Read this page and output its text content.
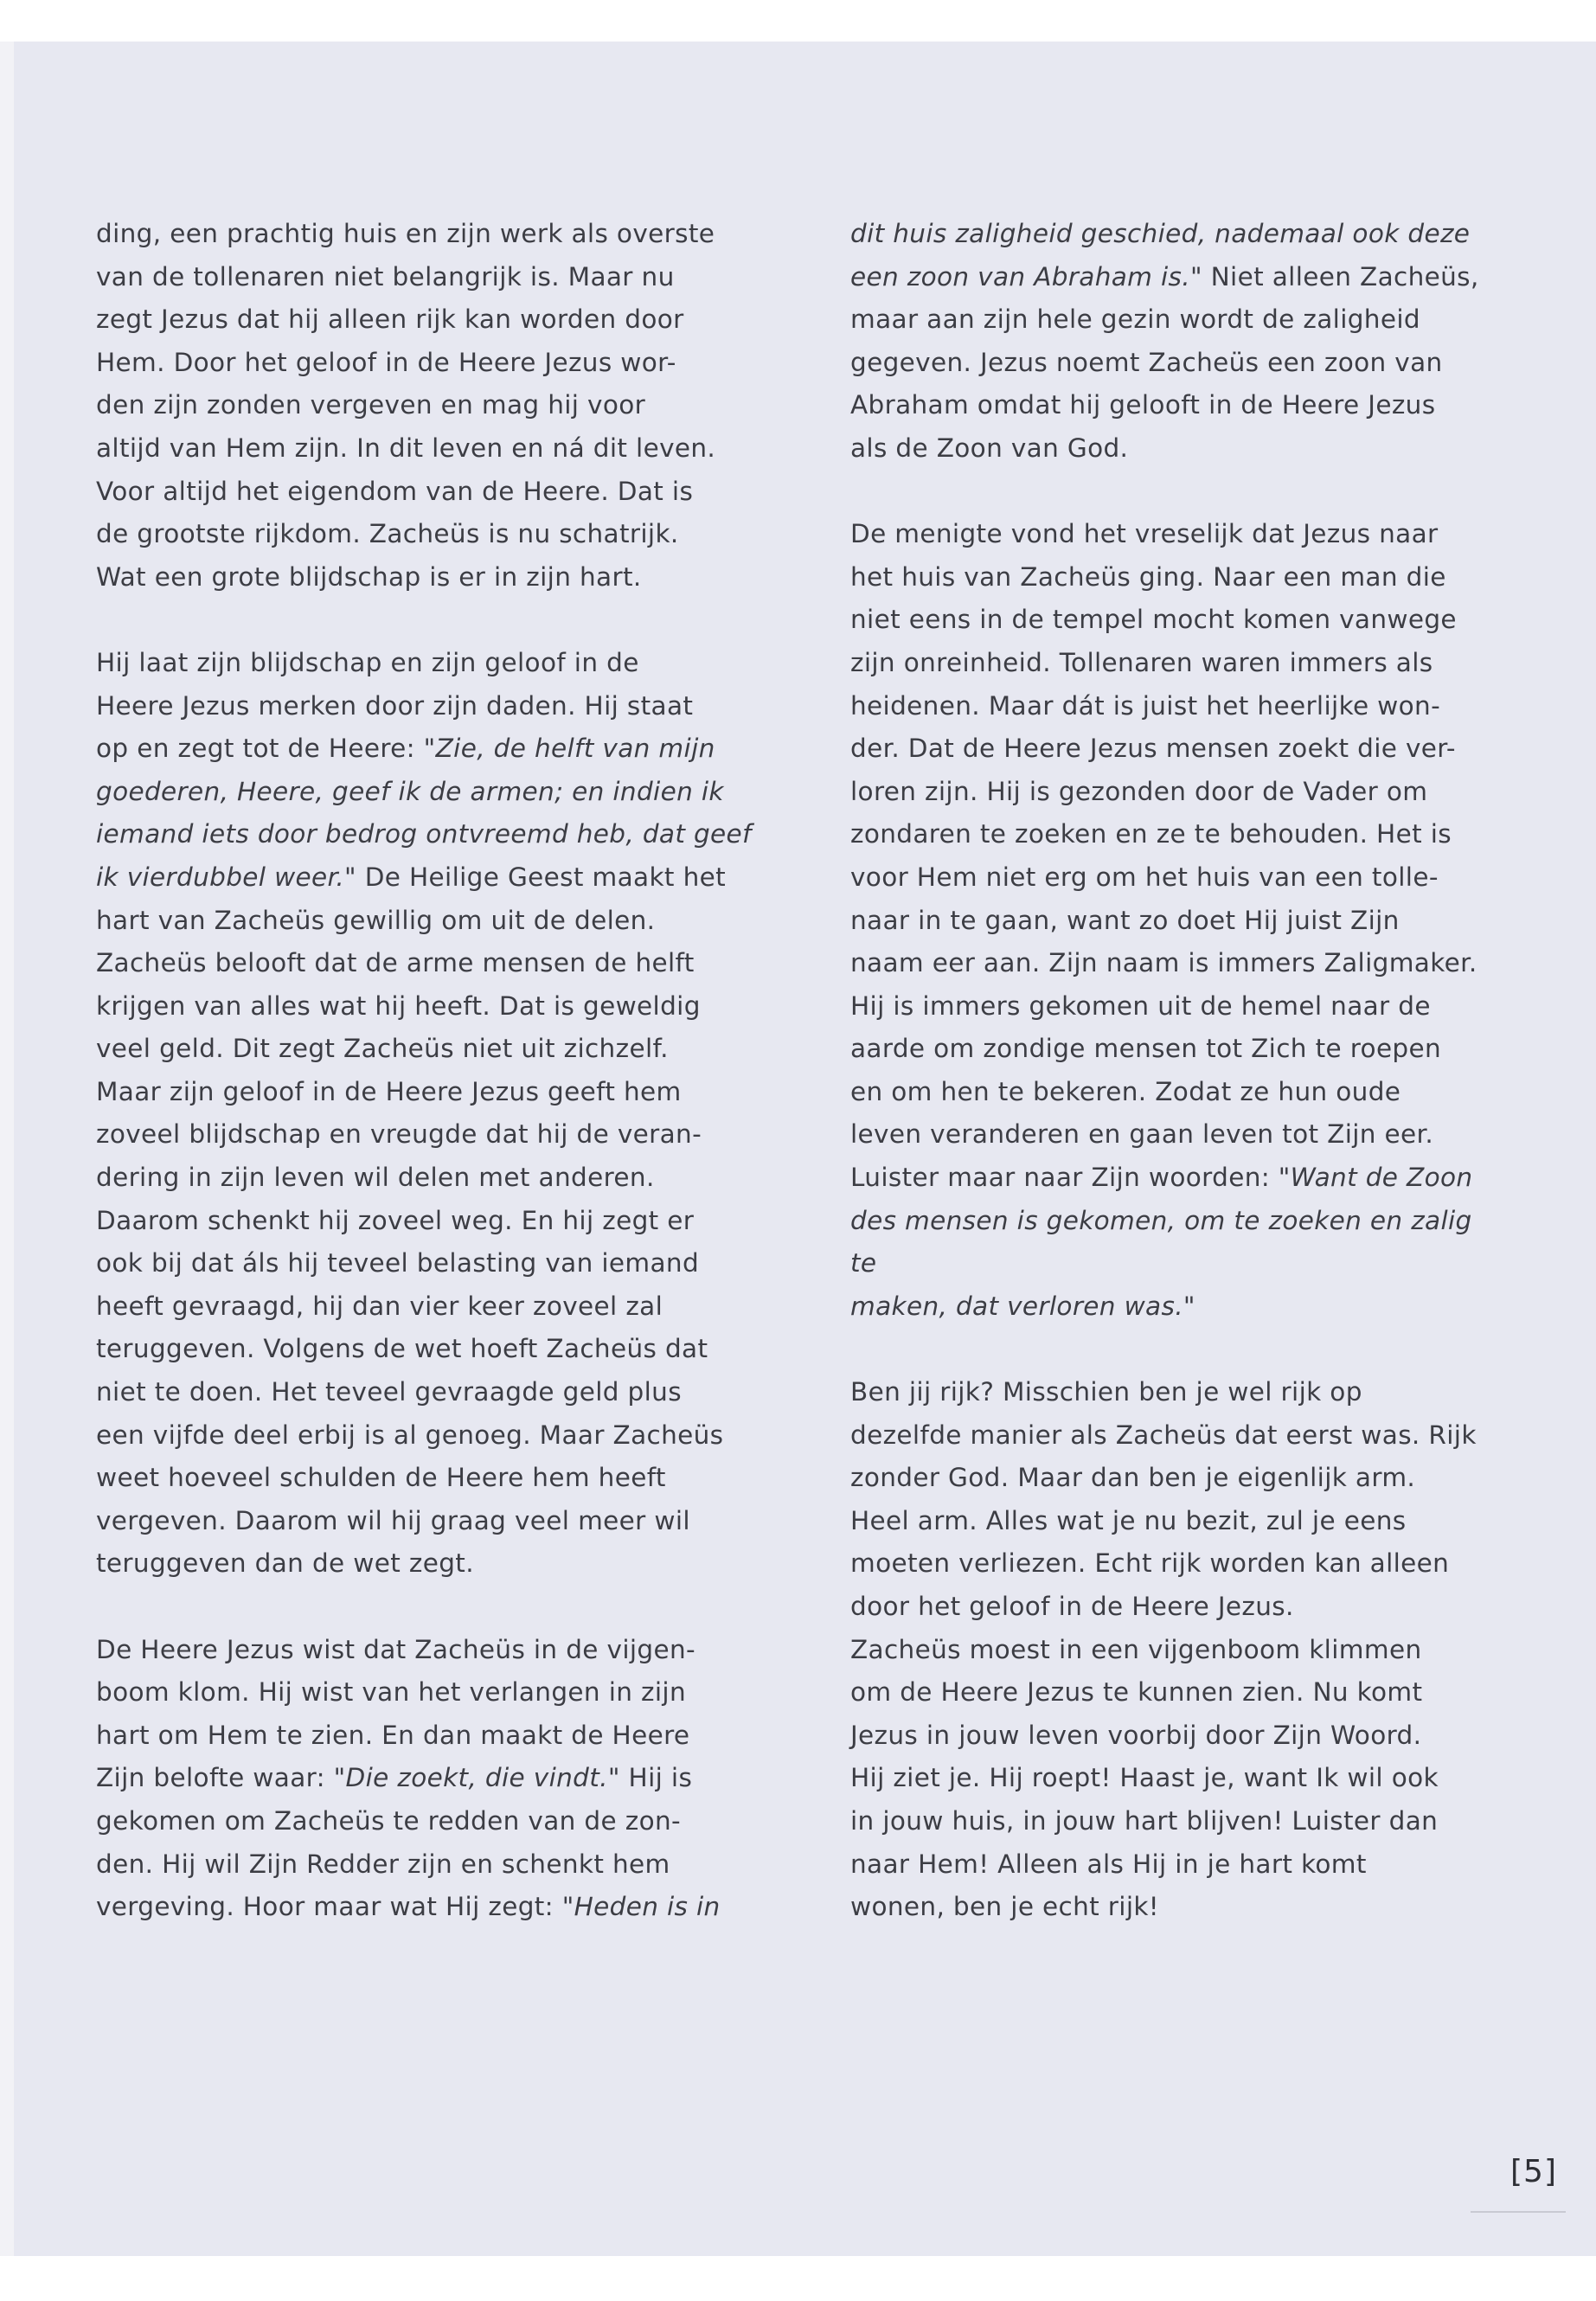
ding, een prachtig huis en zijn werk als overste
van de tollenaren niet belangrijk is. Maar nu
zegt Jezus dat hij alleen rijk kan worden door
Hem. Door het geloof in de Heere Jezus wor-
den zijn zonden vergeven en mag hij voor
altijd van Hem zijn. In dit leven en ná dit leven.
Voor altijd het eigendom van de Heere. Dat is
de grootste rijkdom. Zacheüs is nu schatrijk.
Wat een grote blijdschap is er in zijn hart.

Hij laat zijn blijdschap en zijn geloof in de
Heere Jezus merken door zijn daden. Hij staat
op en zegt tot de Heere: "Zie, de helft van mijn
goederen, Heere, geef ik de armen; en indien ik
iemand iets door bedrog ontvreemd heb, dat geef
ik vierdubbel weer." De Heilige Geest maakt het
hart van Zacheüs gewillig om uit de delen.
Zacheüs belooft dat de arme mensen de helft
krijgen van alles wat hij heeft. Dat is geweldig
veel geld. Dit zegt Zacheüs niet uit zichzelf.
Maar zijn geloof in de Heere Jezus geeft hem
zoveel blijdschap en vreugde dat hij de veran-
dering in zijn leven wil delen met anderen.
Daarom schenkt hij zoveel weg. En hij zegt er
ook bij dat áls hij teveel belasting van iemand
heeft gevraagd, hij dan vier keer zoveel zal
teruggeven. Volgens de wet hoeft Zacheüs dat
niet te doen. Het teveel gevraagde geld plus
een vijfde deel erbij is al genoeg. Maar Zacheüs
weet hoeveel schulden de Heere hem heeft
vergeven. Daarom wil hij graag veel meer wil
teruggeven dan de wet zegt.

De Heere Jezus wist dat Zacheüs in de vijgen-
boom klom. Hij wist van het verlangen in zijn
hart om Hem te zien. En dan maakt de Heere
Zijn belofte waar: "Die zoekt, die vindt." Hij is
gekomen om Zacheüs te redden van de zon-
den. Hij wil Zijn Redder zijn en schenkt hem
vergeving. Hoor maar wat Hij zegt: "Heden is in

dit huis zaligheid geschied, nademaal ook deze
een zoon van Abraham is." Niet alleen Zacheüs,
maar aan zijn hele gezin wordt de zaligheid
gegeven. Jezus noemt Zacheüs een zoon van
Abraham omdat hij gelooft in de Heere Jezus
als de Zoon van God.

De menigte vond het vreselijk dat Jezus naar
het huis van Zacheüs ging. Naar een man die
niet eens in de tempel mocht komen vanwege
zijn onreinheid. Tollenaren waren immers als
heidenen. Maar dát is juist het heerlijke won-
der. Dat de Heere Jezus mensen zoekt die ver-
loren zijn. Hij is gezonden door de Vader om
zondaren te zoeken en ze te behouden. Het is
voor Hem niet erg om het huis van een tolle-
naar in te gaan, want zo doet Hij juist Zijn
naam eer aan. Zijn naam is immers Zaligmaker.
Hij is immers gekomen uit de hemel naar de
aarde om zondige mensen tot Zich te roepen
en om hen te bekeren. Zodat ze hun oude
leven veranderen en gaan leven tot Zijn eer.
Luister maar naar Zijn woorden: "Want de Zoon
des mensen is gekomen, om te zoeken en zalig te
maken, dat verloren was."

Ben jij rijk? Misschien ben je wel rijk op
dezelfde manier als Zacheüs dat eerst was. Rijk
zonder God. Maar dan ben je eigenlijk arm.
Heel arm. Alles wat je nu bezit, zul je eens
moeten verliezen. Echt rijk worden kan alleen
door het geloof in de Heere Jezus.
Zacheüs moest in een vijgenboom klimmen
om de Heere Jezus te kunnen zien. Nu komt
Jezus in jouw leven voorbij door Zijn Woord.
Hij ziet je. Hij roept! Haast je, want Ik wil ook
in jouw huis, in jouw hart blijven! Luister dan
naar Hem! Alleen als Hij in je hart komt
wonen, ben je echt rijk!

[5]
